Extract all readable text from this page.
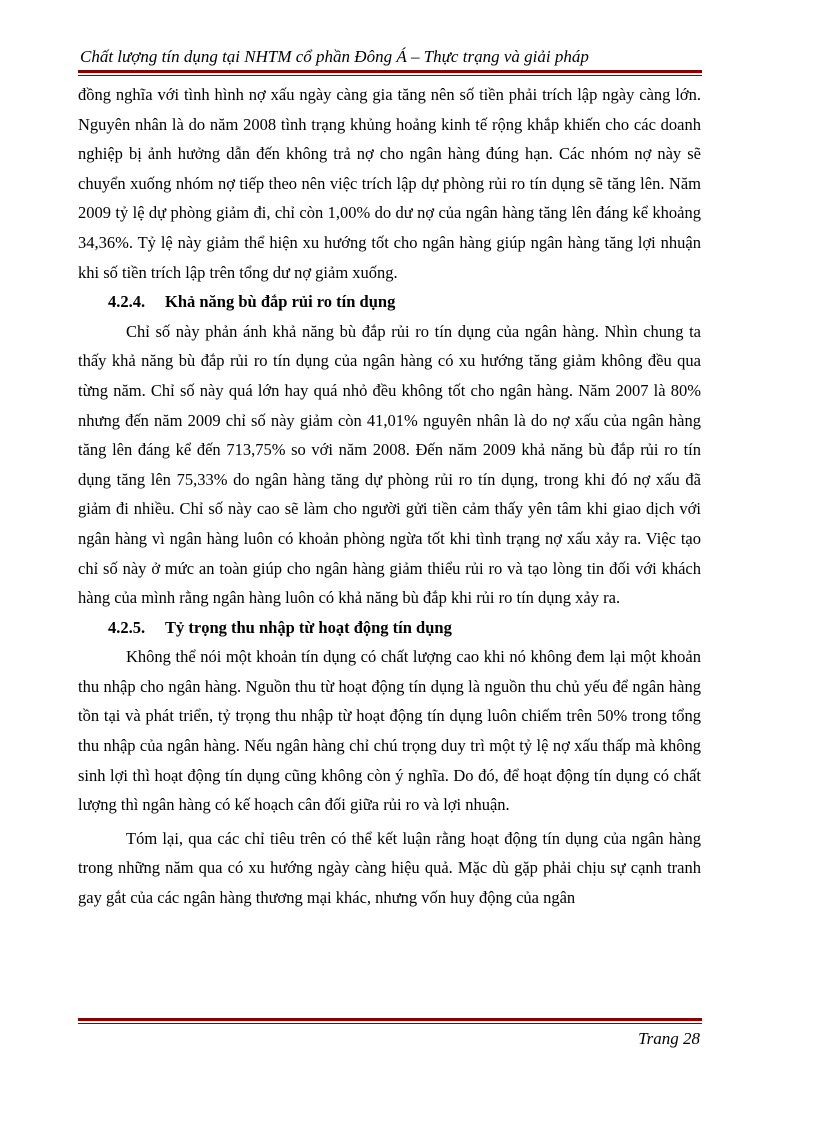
Chất lượng tín dụng tại NHTM cổ phần Đông Á – Thực trạng và giải pháp

đồng nghĩa với tình hình nợ xấu ngày càng gia tăng nên số tiền phải trích lập ngày càng lớn. Nguyên nhân là do năm 2008 tình trạng khủng hoảng kinh tế rộng khắp khiến cho các doanh nghiệp bị ảnh hưởng dẫn đến không trả nợ cho ngân hàng đúng hạn. Các nhóm nợ này sẽ chuyển xuống nhóm nợ tiếp theo nên việc trích lập dự phòng rủi ro tín dụng sẽ tăng lên. Năm 2009 tỷ lệ dự phòng giảm đi, chỉ còn 1,00% do dư nợ của ngân hàng tăng lên đáng kể khoảng 34,36%. Tỷ lệ này giảm thể hiện xu hướng tốt cho ngân hàng giúp ngân hàng tăng lợi nhuận khi số tiền trích lập trên tổng dư nợ giảm xuống.

4.2.4. Khả năng bù đắp rủi ro tín dụng

Chỉ số này phản ánh khả năng bù đắp rủi ro tín dụng của ngân hàng. Nhìn chung ta thấy khả năng bù đắp rủi ro tín dụng của ngân hàng có xu hướng tăng giảm không đều qua từng năm. Chỉ số này quá lớn hay quá nhỏ đều không tốt cho ngân hàng. Năm 2007 là 80% nhưng đến năm 2009 chỉ số này giảm còn 41,01% nguyên nhân là do nợ xấu của ngân hàng tăng lên đáng kể đến 713,75% so với năm 2008. Đến năm 2009 khả năng bù đắp rủi ro tín dụng tăng lên 75,33% do ngân hàng tăng dự phòng rủi ro tín dụng, trong khi đó nợ xấu đã giảm đi nhiều. Chỉ số này cao sẽ làm cho người gửi tiền cảm thấy yên tâm khi giao dịch với ngân hàng vì ngân hàng luôn có khoản phòng ngừa tốt khi tình trạng nợ xấu xảy ra. Việc tạo chỉ số này ở mức an toàn giúp cho ngân hàng giảm thiểu rủi ro và tạo lòng tin đối với khách hàng của mình rằng ngân hàng luôn có khả năng bù đắp khi rủi ro tín dụng xảy ra.

4.2.5. Tỷ trọng thu nhập từ hoạt động tín dụng

Không thể nói một khoản tín dụng có chất lượng cao khi nó không đem lại một khoản thu nhập cho ngân hàng. Nguồn thu từ hoạt động tín dụng là nguồn thu chủ yếu để ngân hàng tồn tại và phát triển, tỷ trọng thu nhập từ hoạt động tín dụng luôn chiếm trên 50% trong tổng thu nhập của ngân hàng. Nếu ngân hàng chỉ chú trọng duy trì một tỷ lệ nợ xấu thấp mà không sinh lợi thì hoạt động tín dụng cũng không còn ý nghĩa. Do đó, để hoạt động tín dụng có chất lượng thì ngân hàng có kế hoạch cân đối giữa rủi ro và lợi nhuận.

Tóm lại, qua các chỉ tiêu trên có thể kết luận rằng hoạt động tín dụng của ngân hàng trong những năm qua có xu hướng ngày càng hiệu quả. Mặc dù gặp phải chịu sự cạnh tranh gay gắt của các ngân hàng thương mại khác, nhưng vốn huy động của ngân

Trang 28
